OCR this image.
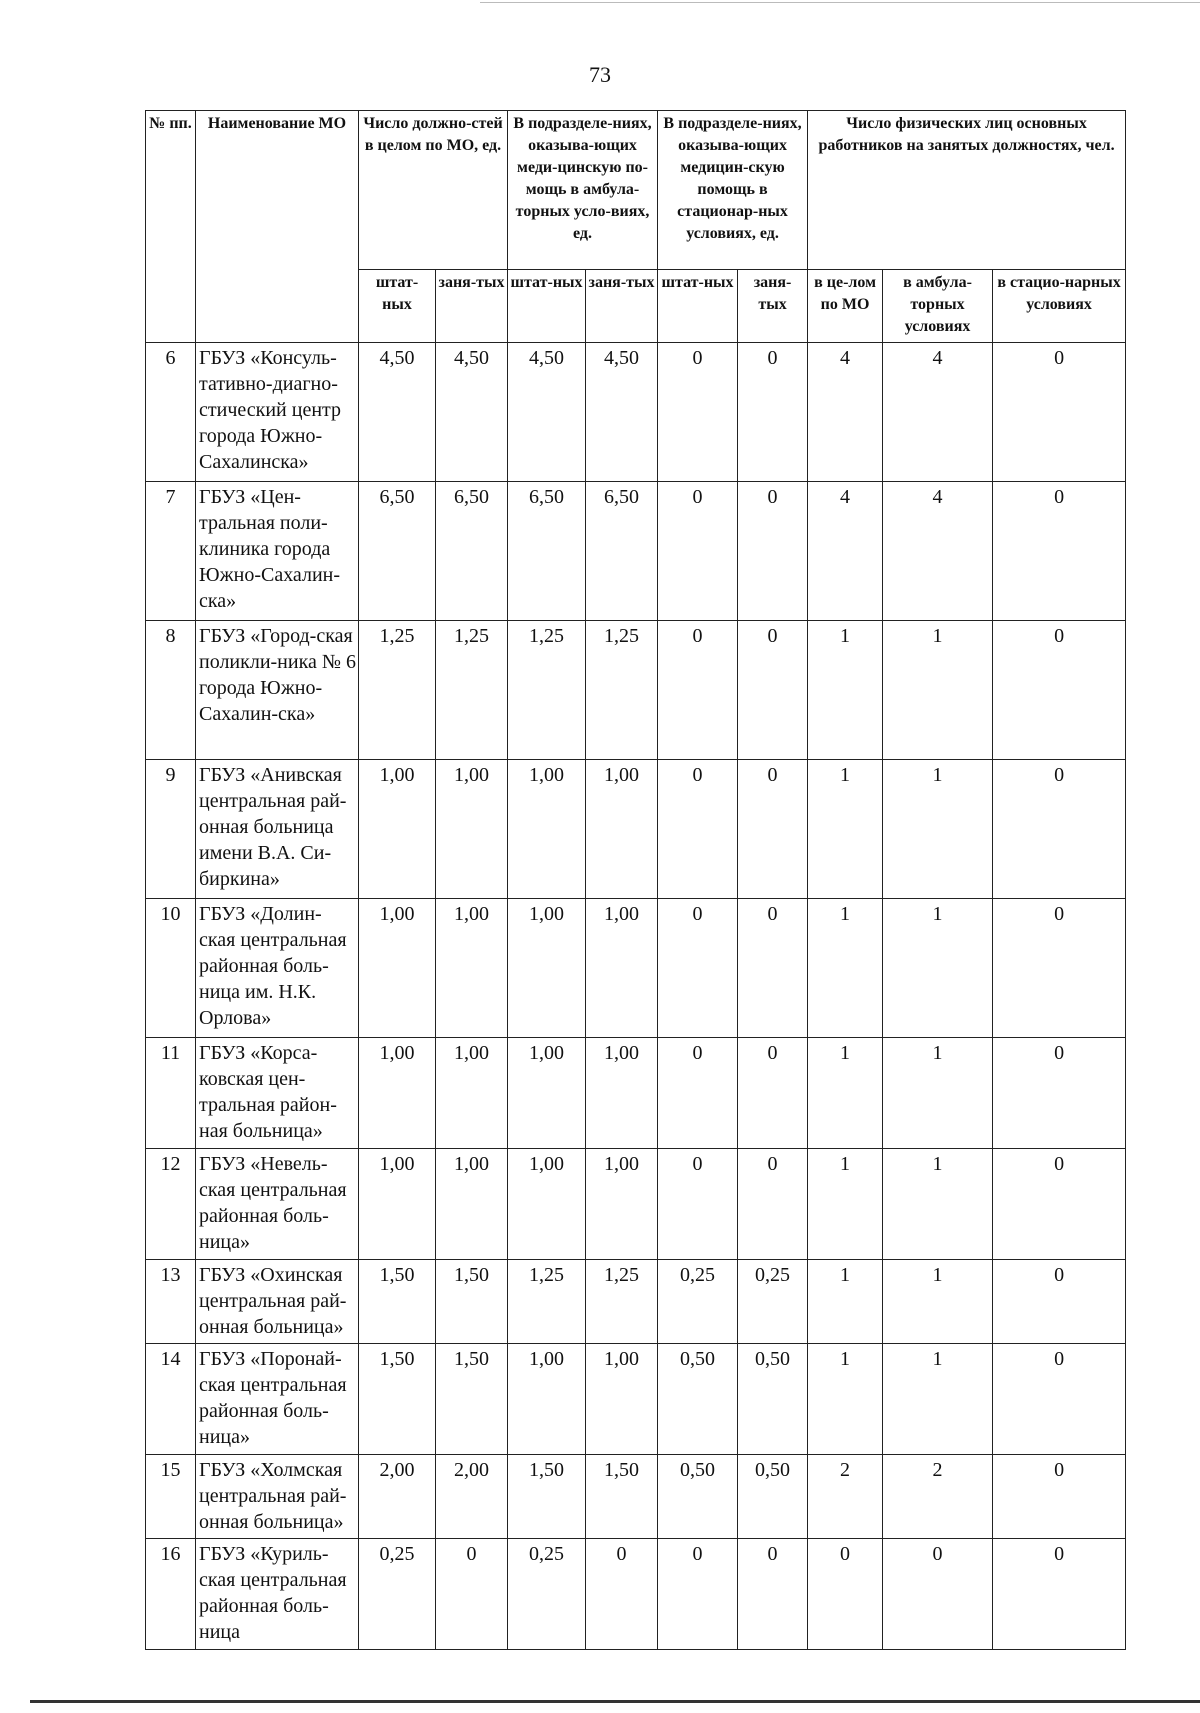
73
№ пп.	Наименование МО	Число должно-стей в целом по МО, ед.		В подразделе-ниях, оказыва-ющих меди-цинскую по-мощь в амбула-торных усло-виях, ед.		В подразделе-ниях, оказыва-ющих медицин-скую помощь в стационар-ных условиях, ед.		Число физических лиц основных работников на занятых должностях, чел.		
		штат-ных	заня-тых	штат-ных	заня-тых	штат-ных	заня-тых	в це-лом по МО	в амбула-торных условиях	в стацио-нарных условиях
6	ГБУЗ «Консуль-тативно-диагно-стический центр города Южно-Сахалинска»	4,50	4,50	4,50	4,50	0	0	4	4	0
7	ГБУЗ «Цен-тральная поли-клиника города Южно-Сахалин-ска»	6,50	6,50	6,50	6,50	0	0	4	4	0
8	ГБУЗ «Город-ская поликли-ника № 6 города Южно-Сахалин-ска»	1,25	1,25	1,25	1,25	0	0	1	1	0
9	ГБУЗ «Анивская центральная рай-онная больница имени В.А. Си-биркина»	1,00	1,00	1,00	1,00	0	0	1	1	0
10	ГБУЗ «Долин-ская центральная районная боль-ница им. Н.К. Орлова»	1,00	1,00	1,00	1,00	0	0	1	1	0
11	ГБУЗ «Корса-ковская цен-тральная район-ная больница»	1,00	1,00	1,00	1,00	0	0	1	1	0
12	ГБУЗ «Невель-ская центральная районная боль-ница»	1,00	1,00	1,00	1,00	0	0	1	1	0
13	ГБУЗ «Охинская центральная рай-онная больница»	1,50	1,50	1,25	1,25	0,25	0,25	1	1	0
14	ГБУЗ «Поронай-ская центральная районная боль-ница»	1,50	1,50	1,00	1,00	0,50	0,50	1	1	0
15	ГБУЗ «Холмская центральная рай-онная больница»	2,00	2,00	1,50	1,50	0,50	0,50	2	2	0
16	ГБУЗ «Куриль-ская центральная районная боль-ница	0,25	0	0,25	0	0	0	0	0	0
